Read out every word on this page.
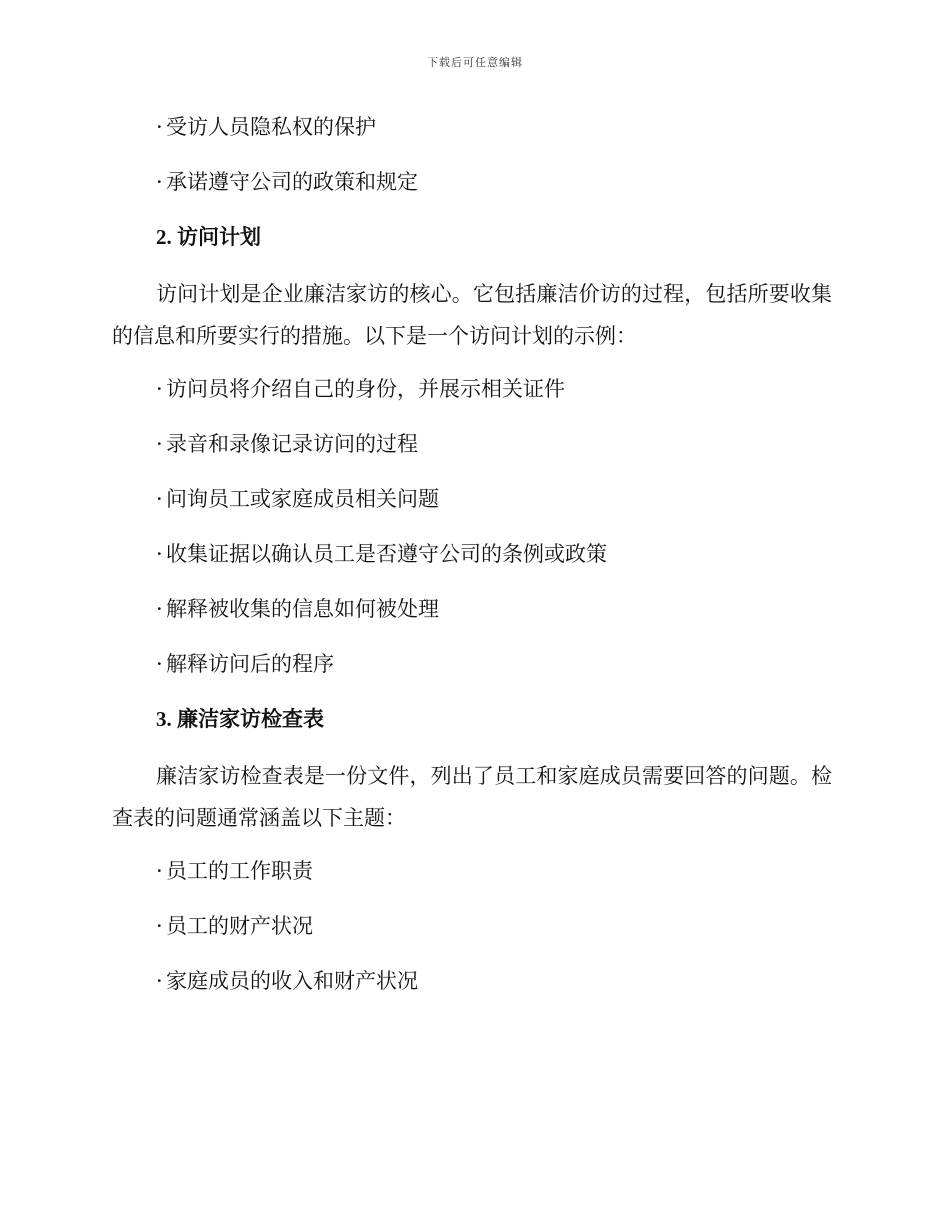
下载后可任意编辑
· 受访人员隐私权的保护
· 承诺遵守公司的政策和规定
2. 访问计划
访问计划是企业廉洁家访的核心。它包括廉洁价访的过程，包括所要收集的信息和所要实行的措施。以下是一个访问计划的示例：
· 访问员将介绍自己的身份，并展示相关证件
· 录音和录像记录访问的过程
· 问询员工或家庭成员相关问题
· 收集证据以确认员工是否遵守公司的条例或政策
· 解释被收集的信息如何被处理
· 解释访问后的程序
3. 廉洁家访检查表
廉洁家访检查表是一份文件，列出了员工和家庭成员需要回答的问题。检查表的问题通常涵盖以下主题：
· 员工的工作职责
· 员工的财产状况
· 家庭成员的收入和财产状况
